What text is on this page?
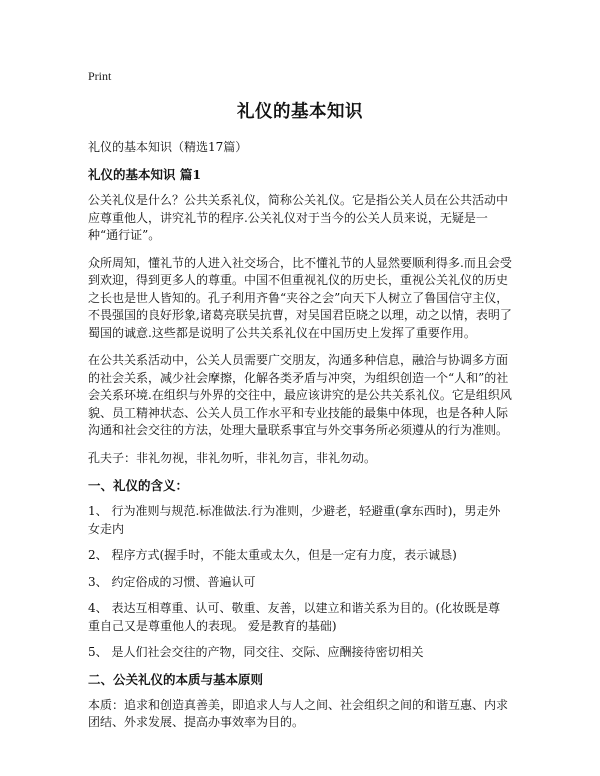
Print
礼仪的基本知识
礼仪的基本知识（精选17篇）
礼仪的基本知识 篇1

公关礼仪是什么？公共关系礼仪，简称公关礼仪。它是指公关人员在公共活动中应尊重他人，讲究礼节的程序.公关礼仪对于当今的公关人员来说，无疑是一种“通行证”。

众所周知，懂礼节的人进入社交场合，比不懂礼节的人显然要顺利得多.而且会受到欢迎，得到更多人的尊重。中国不但重视礼仪的历史长，重视公关礼仪的历史之长也是世人皆知的。孔子利用齐鲁“夹谷之会”向天下人树立了鲁国信守主仪，不畏强国的良好形象,诸葛亮联吴抗曹，对吴国君臣晓之以理，动之以情，表明了蜀国的诚意.这些都是说明了公共关系礼仪在中国历史上发挥了重要作用。

在公共关系活动中，公关人员需要广交朋友，沟通多种信息，融洽与协调多方面的社会关系，减少社会摩擦，化解各类矛盾与冲突，为组织创造一个“人和”的社会关系环境.在组织与外界的交往中，最应该讲究的是公共关系礼仪。它是组织风貌、员工精神状态、公关人员工作水平和专业技能的最集中体现，也是各种人际沟通和社会交往的方法，处理大量联系事宜与外交事务所必须遵从的行为准则。

孔夫子：非礼勿视，非礼勿听，非礼勿言，非礼勿动。

一、礼仪的含义：

1、 行为准则与规范.标准做法.行为准则，少避老，轻避重(拿东西时)，男走外女走内

2、 程序方式(握手时，不能太重或太久，但是一定有力度，表示诚恳)

3、 约定俗成的习惯、普遍认可

4、 表达互相尊重、认可、敬重、友善，以建立和谐关系为目的。(化妆既是尊重自己又是尊重他人的表现。 爱是教育的基础)

5、 是人们社会交往的产物，同交往、交际、应酬接待密切相关

二、公关礼仪的本质与基本原则

本质：追求和创造真善美，即追求人与人之间、社会组织之间的和谐互惠、内求团结、外求发展、提高办事效率为目的。
